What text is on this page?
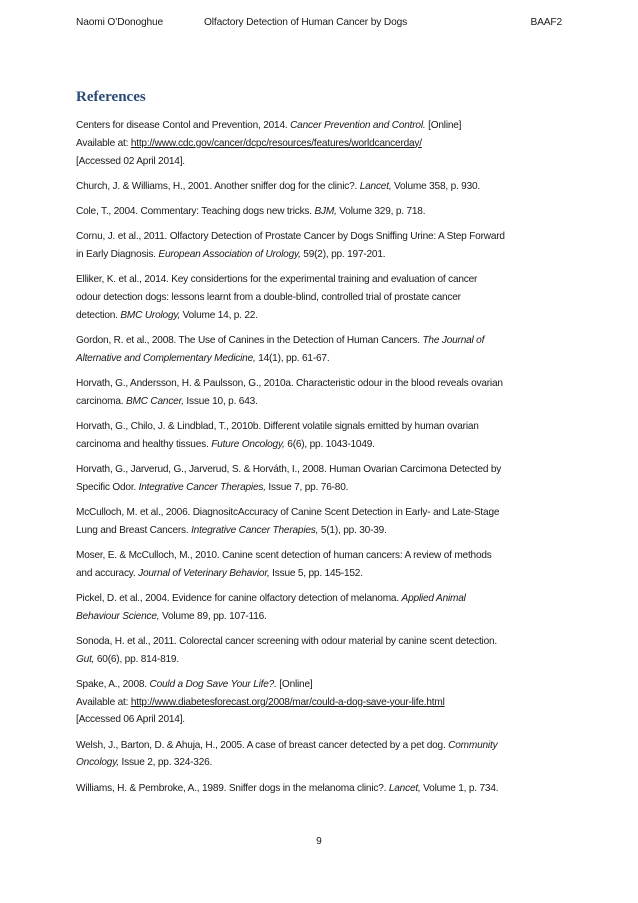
Naomi O’Donoghue	Olfactory Detection of Human Cancer by Dogs	BAAF2
References
Centers for disease Contol and Prevention, 2014. Cancer Prevention and Control. [Online]
Available at: http://www.cdc.gov/cancer/dcpc/resources/features/worldcancerday/
[Accessed 02 April 2014].
Church, J. & Williams, H., 2001. Another sniffer dog for the clinic?. Lancet, Volume 358, p. 930.
Cole, T., 2004. Commentary: Teaching dogs new tricks. BJM, Volume 329, p. 718.
Cornu, J. et al., 2011. Olfactory Detection of Prostate Cancer by Dogs Sniffing Urine: A Step Forward
in Early Diagnosis. European Association of Urology, 59(2), pp. 197-201.
Elliker, K. et al., 2014. Key considertions for the experimental training and evaluation of cancer
odour detection dogs: lessons learnt from a double-blind, controlled trial of prostate cancer
detection. BMC Urology, Volume 14, p. 22.
Gordon, R. et al., 2008. The Use of Canines in the Detection of Human Cancers. The Journal of
Alternative and Complementary Medicine, 14(1), pp. 61-67.
Horvath, G., Andersson, H. & Paulsson, G., 2010a. Characteristic odour in the blood reveals ovarian
carcinoma. BMC Cancer, Issue 10, p. 643.
Horvath, G., Chilo, J. & Lindblad, T., 2010b. Different volatile signals emitted by human ovarian
carcinoma and healthy tissues. Future Oncology, 6(6), pp. 1043-1049.
Horvath, G., Jarverud, G., Jarverud, S. & Horváth, I., 2008. Human Ovarian Carcimona Detected by
Specific Odor. Integrative Cancer Therapies, Issue 7, pp. 76-80.
McCulloch, M. et al., 2006. DiagnositcAccuracy of Canine Scent Detection in Early- and Late-Stage
Lung and Breast Cancers. Integrative Cancer Therapies, 5(1), pp. 30-39.
Moser, E. & McCulloch, M., 2010. Canine scent detection of human cancers: A review of methods
and accuracy. Journal of Veterinary Behavior, Issue 5, pp. 145-152.
Pickel, D. et al., 2004. Evidence for canine olfactory detection of melanoma. Applied Animal
Behaviour Science, Volume 89, pp. 107-116.
Sonoda, H. et al., 2011. Colorectal cancer screening with odour material by canine scent detection.
Gut, 60(6), pp. 814-819.
Spake, A., 2008. Could a Dog Save Your Life?. [Online]
Available at: http://www.diabetesforecast.org/2008/mar/could-a-dog-save-your-life.html
[Accessed 06 April 2014].
Welsh, J., Barton, D. & Ahuja, H., 2005. A case of breast cancer detected by a pet dog. Community
Oncology, Issue 2, pp. 324-326.
Williams, H. & Pembroke, A., 1989. Sniffer dogs in the melanoma clinic?. Lancet, Volume 1, p. 734.
9
